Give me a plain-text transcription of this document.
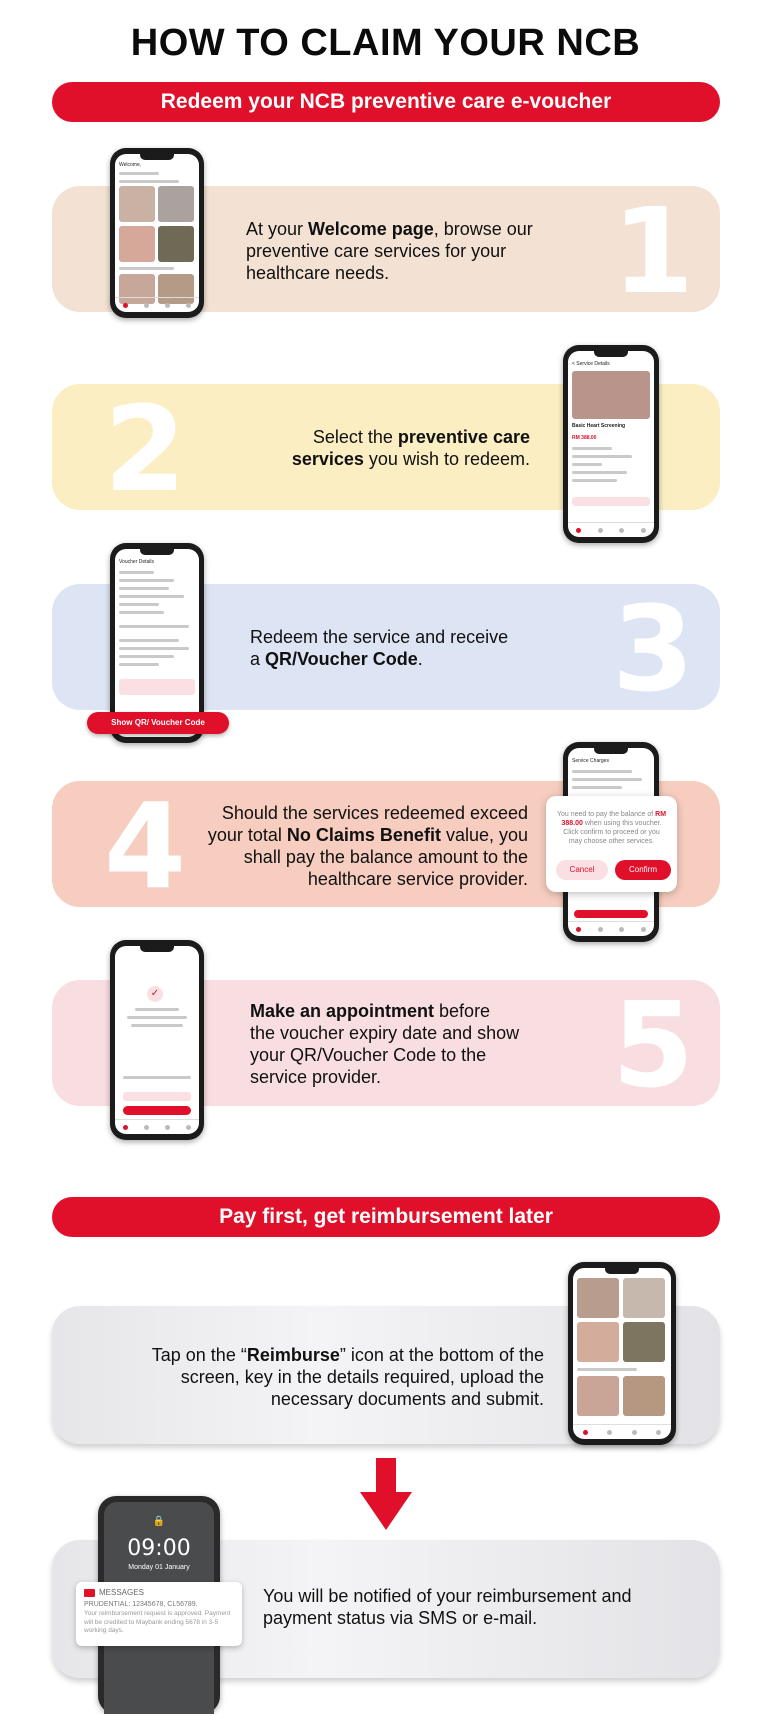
HOW TO CLAIM YOUR NCB
Redeem your NCB preventive care e-voucher
1
At your Welcome page, browse our preventive care services for your healthcare needs.
Welcome,
2	Select the preventive care services you wish to redeem.
< Service Details
Basic Heart Screening
RM 388.00
3
Redeem the service and receive a QR/Voucher Code.
Voucher Details
Show QR/ Voucher Code
4	Should the services redeemed exceed your total No Claims Benefit value, you shall pay the balance amount to the healthcare service provider.
Service Charges
You need to pay the balance of RM 388.00 when using this voucher. Click confirm to proceed or you may choose other services.
Cancel	Confirm
5
Make an appointment before the voucher expiry date and show your QR/Voucher Code to the service provider.
✓
Pay first, get reimbursement later
Tap on the “Reimburse” icon at the bottom of the screen, key in the details required, upload the necessary documents and submit.
🔒
09:00
Monday 01 January
MESSAGES
PRUDENTIAL: 12345678, CL56789.
Your reimbursement request is approved. Payment will be credited to Maybank ending 5678 in 3-5 working days.
You will be notified of your reimbursement and payment status via SMS or e-mail.
